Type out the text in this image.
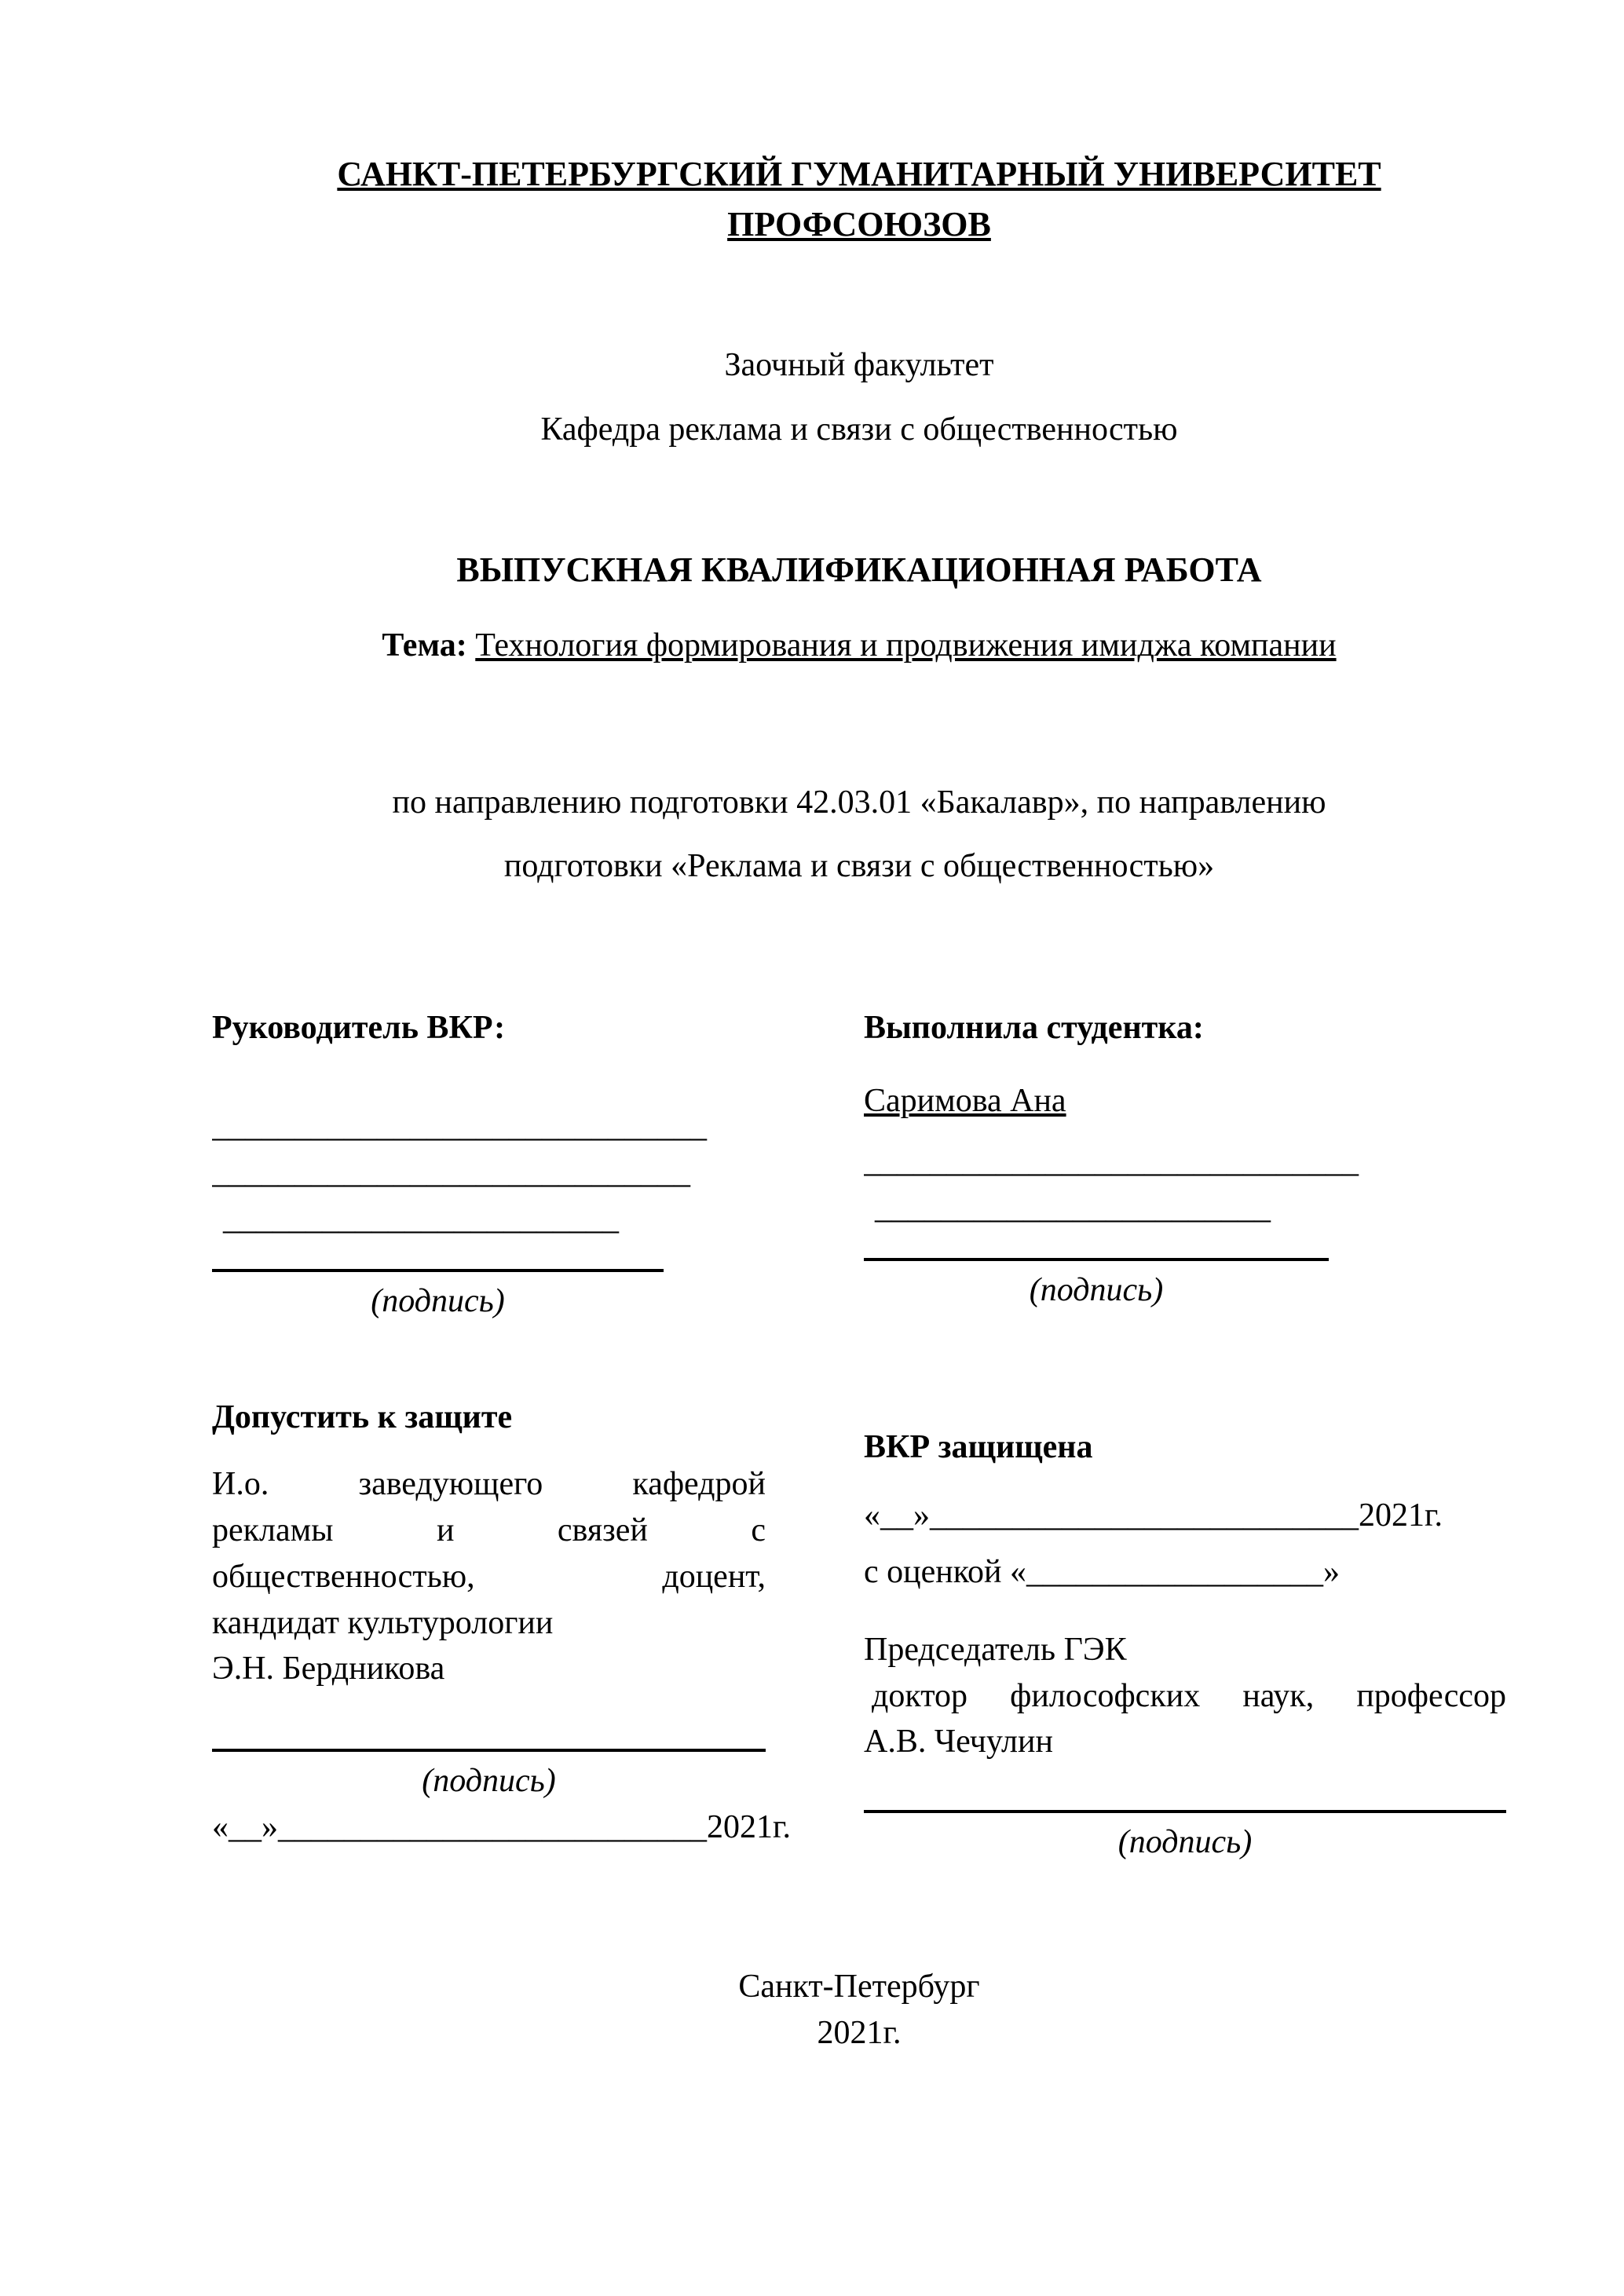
САНКТ-ПЕТЕРБУРГСКИЙ ГУМАНИТАРНЫЙ УНИВЕРСИТЕТ
ПРОФСОЮЗОВ
Заочный факультет
Кафедра реклама и связи с общественностью
ВЫПУСКНАЯ КВАЛИФИКАЦИОННАЯ РАБОТА
Тема: Технология формирования и продвижения имиджа компании
по направлению подготовки 42.03.01 «Бакалавр», по направлению
подготовки «Реклама и связи с общественностью»
Руководитель ВКР:
______________________________
_____________________________
________________________
(подпись)
Выполнила студентка:
Саримова Ана
______________________________
________________________
(подпись)
Допустить к защите
И.о. заведующего кафедрой
рекламы и связей с
общественностью, доцент,
кандидат культурологии
Э.Н. Бердникова
(подпись)
«__»__________________________2021г.
ВКР защищена
«__»__________________________2021г.
с оценкой «__________________»
Председатель ГЭК
доктор философских наук, профессор
А.В. Чечулин
(подпись)
Санкт-Петербург
2021г.
